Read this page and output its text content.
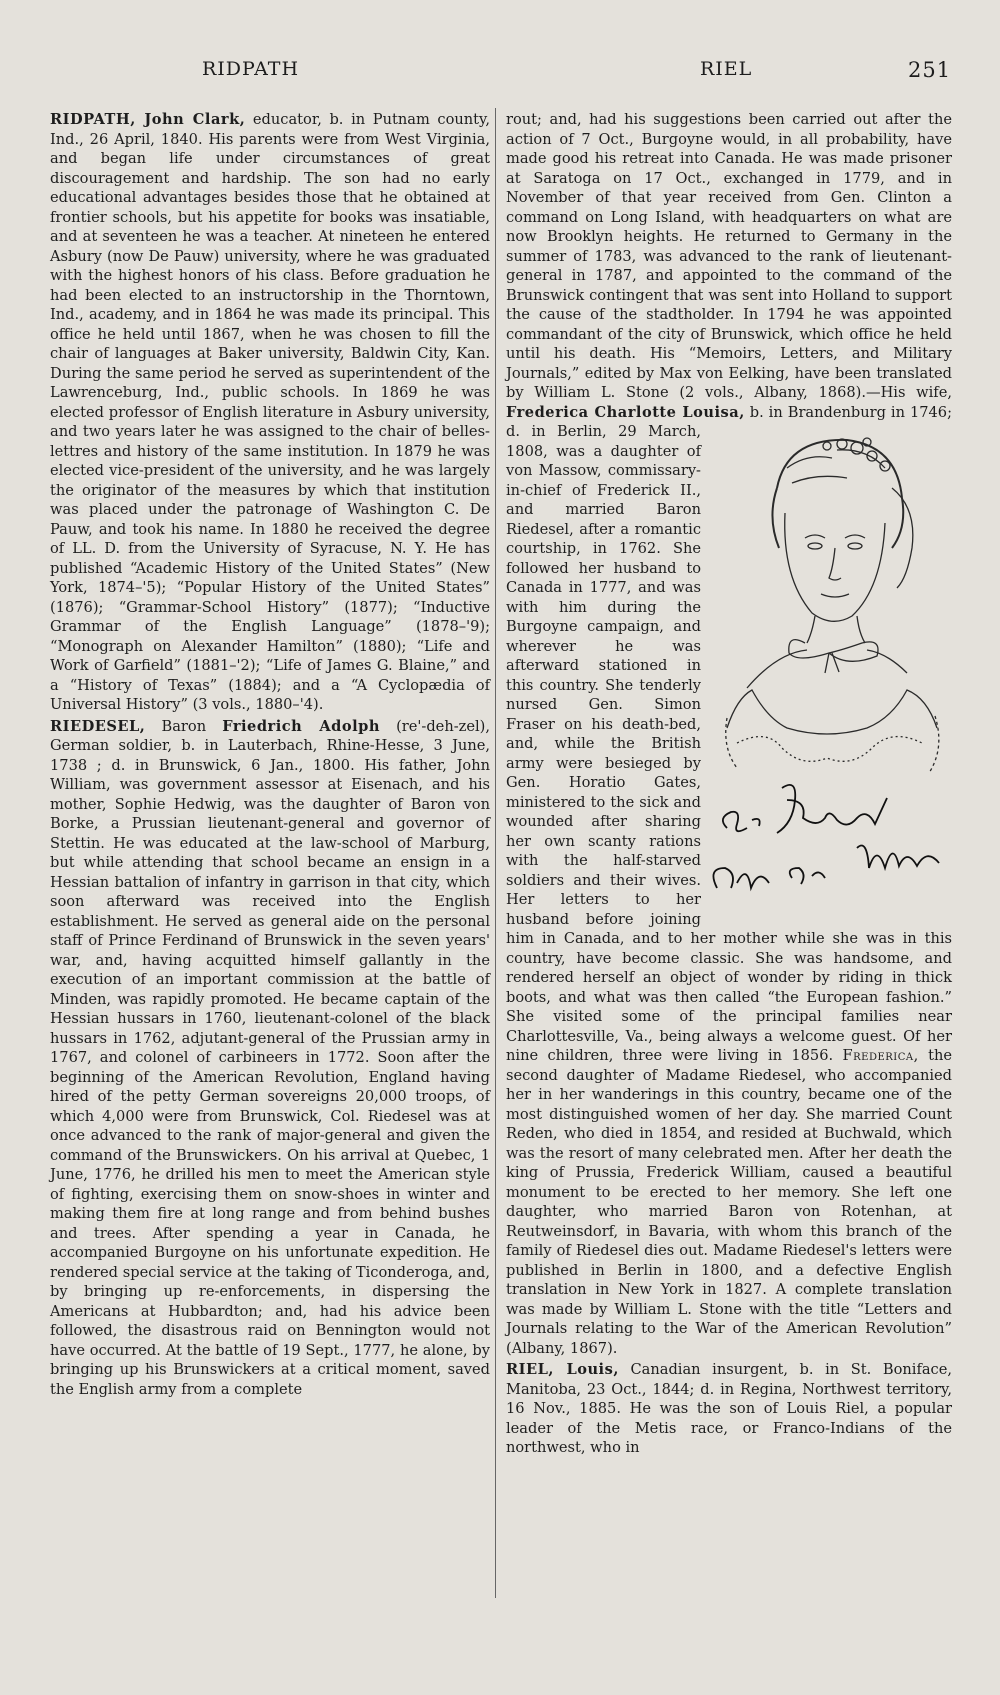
RIDPATH	RIEL	251

RIDPATH, John Clark, educator, b. in Putnam county, Ind., 26 April, 1840. His parents were from West Virginia, and began life under circumstances of great discouragement and hardship. The son had no early educational advantages besides those that he obtained at frontier schools, but his appetite for books was insatiable, and at seventeen he was a teacher. At nineteen he entered Asbury (now De Pauw) university, where he was graduated with the highest honors of his class. Before graduation he had been elected to an instructorship in the Thorntown, Ind., academy, and in 1864 he was made its principal. This office he held until 1867, when he was chosen to fill the chair of languages at Baker university, Baldwin City, Kan. During the same period he served as superintendent of the Lawrenceburg, Ind., public schools. In 1869 he was elected professor of English literature in Asbury university, and two years later he was assigned to the chair of belles-lettres and history of the same institution. In 1879 he was elected vice-president of the university, and he was largely the originator of the measures by which that institution was placed under the patronage of Washington C. De Pauw, and took his name. In 1880 he received the degree of LL. D. from the University of Syracuse, N. Y. He has published “Academic History of the United States” (New York, 1874–'5); “Popular History of the United States” (1876); “Grammar-School History” (1877); “Inductive Grammar of the English Language” (1878–'9); “Monograph on Alexander Hamilton” (1880); “Life and Work of Garfield” (1881–'2); “Life of James G. Blaine,” and a “History of Texas” (1884); and a “A Cyclopædia of Universal History” (3 vols., 1880–'4).

RIEDESEL, Baron Friedrich Adolph (re'-deh-zel), German soldier, b. in Lauterbach, Rhine-Hesse, 3 June, 1738 ; d. in Brunswick, 6 Jan., 1800. His father, John William, was government assessor at Eisenach, and his mother, Sophie Hedwig, was the daughter of Baron von Borke, a Prussian lieutenant-general and governor of Stettin. He was educated at the law-school of Marburg, but while attending that school became an ensign in a Hessian battalion of infantry in garrison in that city, which soon afterward was received into the English establishment. He served as general aide on the personal staff of Prince Ferdinand of Brunswick in the seven years' war, and, having acquitted himself gallantly in the execution of an important commission at the battle of Minden, was rapidly promoted. He became captain of the Hessian hussars in 1760, lieutenant-colonel of the black hussars in 1762, adjutant-general of the Prussian army in 1767, and colonel of carbineers in 1772. Soon after the beginning of the American Revolution, England having hired of the petty German sovereigns 20,000 troops, of which 4,000 were from Brunswick, Col. Riedesel was at once advanced to the rank of major-general and given the command of the Brunswickers. On his arrival at Quebec, 1 June, 1776, he drilled his men to meet the American style of fighting, exercising them on snow-shoes in winter and making them fire at long range and from behind bushes and trees. After spending a year in Canada, he accompanied Burgoyne on his unfortunate expedition. He rendered special service at the taking of Ticonderoga, and, by bringing up re-enforcements, in dispersing the Americans at Hubbardton; and, had his advice been followed, the disastrous raid on Bennington would not have occurred. At the battle of 19 Sept., 1777, he alone, by bringing up his Brunswickers at a critical moment, saved the English army from a complete

rout; and, had his suggestions been carried out after the action of 7 Oct., Burgoyne would, in all probability, have made good his retreat into Canada. He was made prisoner at Saratoga on 17 Oct., exchanged in 1779, and in November of that year received from Gen. Clinton a command on Long Island, with headquarters on what are now Brooklyn heights. He returned to Germany in the summer of 1783, was advanced to the rank of lieutenant-general in 1787, and appointed to the command of the Brunswick contingent that was sent into Holland to support the cause of the stadtholder. In 1794 he was appointed commandant of the city of Brunswick, which office he held until his death. His “Memoirs, Letters, and Military Journals,” edited by Max von Eelking, have been translated by William L. Stone (2 vols., Albany, 1868).—His wife, Frederica Charlotte Louisa,
b. in Brandenburg in 1746; d. in Berlin, 29 March, 1808, was a daughter of von Massow, commissary-in-chief of Frederick II., and married Baron Riedesel, after a romantic courtship, in 1762. She followed her husband to Canada in 1777, and was with him during the Burgoyne campaign, and wherever he was afterward stationed in this country. She tenderly nursed Gen. Simon Fraser on his death-bed, and, while the British army were besieged by Gen. Horatio Gates, ministered to the sick and wounded after sharing her own scanty rations with the half-starved soldiers and their wives. Her letters to her husband before joining him in Canada, and to her mother while she was in this country, have become classic. She was handsome, and rendered herself an object of wonder by riding in thick boots, and what was then called “the European fashion.” She visited some of the principal families near Charlottesville, Va., being always a welcome guest. Of her nine children, three were living in 1856. Frederica, the second daughter of Madame Riedesel, who accompanied her in her wanderings in this country, became one of the most distinguished women of her day. She married Count Reden, who died in 1854, and resided at Buchwald, which was the resort of many celebrated men. After her death the king of Prussia, Frederick William, caused a beautiful monument to be erected to her memory. She left one daughter, who married Baron von Rotenhan, at Reutweinsdorf, in Bavaria, with whom this branch of the family of Riedesel dies out. Madame Riedesel's letters were published in Berlin in 1800, and a defective English translation in New York in 1827. A complete translation was made by William L. Stone with the title “Letters and Journals relating to the War of the American Revolution” (Albany, 1867).

RIEL, Louis, Canadian insurgent, b. in St. Boniface, Manitoba, 23 Oct., 1844; d. in Regina, Northwest territory, 16 Nov., 1885. He was the son of Louis Riel, a popular leader of the Metis race, or Franco-Indians of the northwest, who in
